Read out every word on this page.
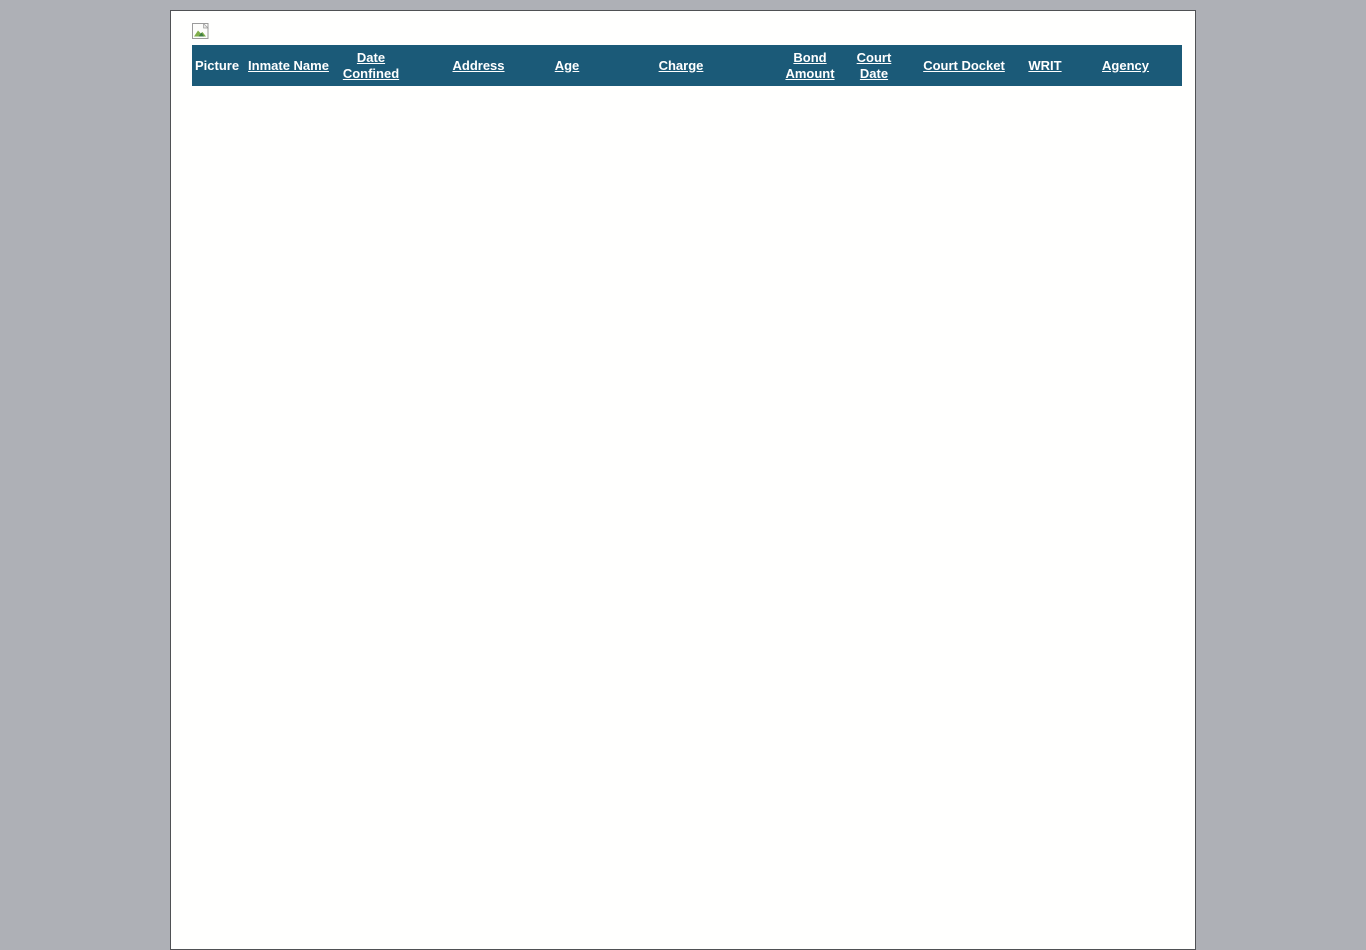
Picture	Inmate Name	Date Confined	Address	Age	Charge	Bond Amount	Court Date	Court Docket	WRIT	Agency
